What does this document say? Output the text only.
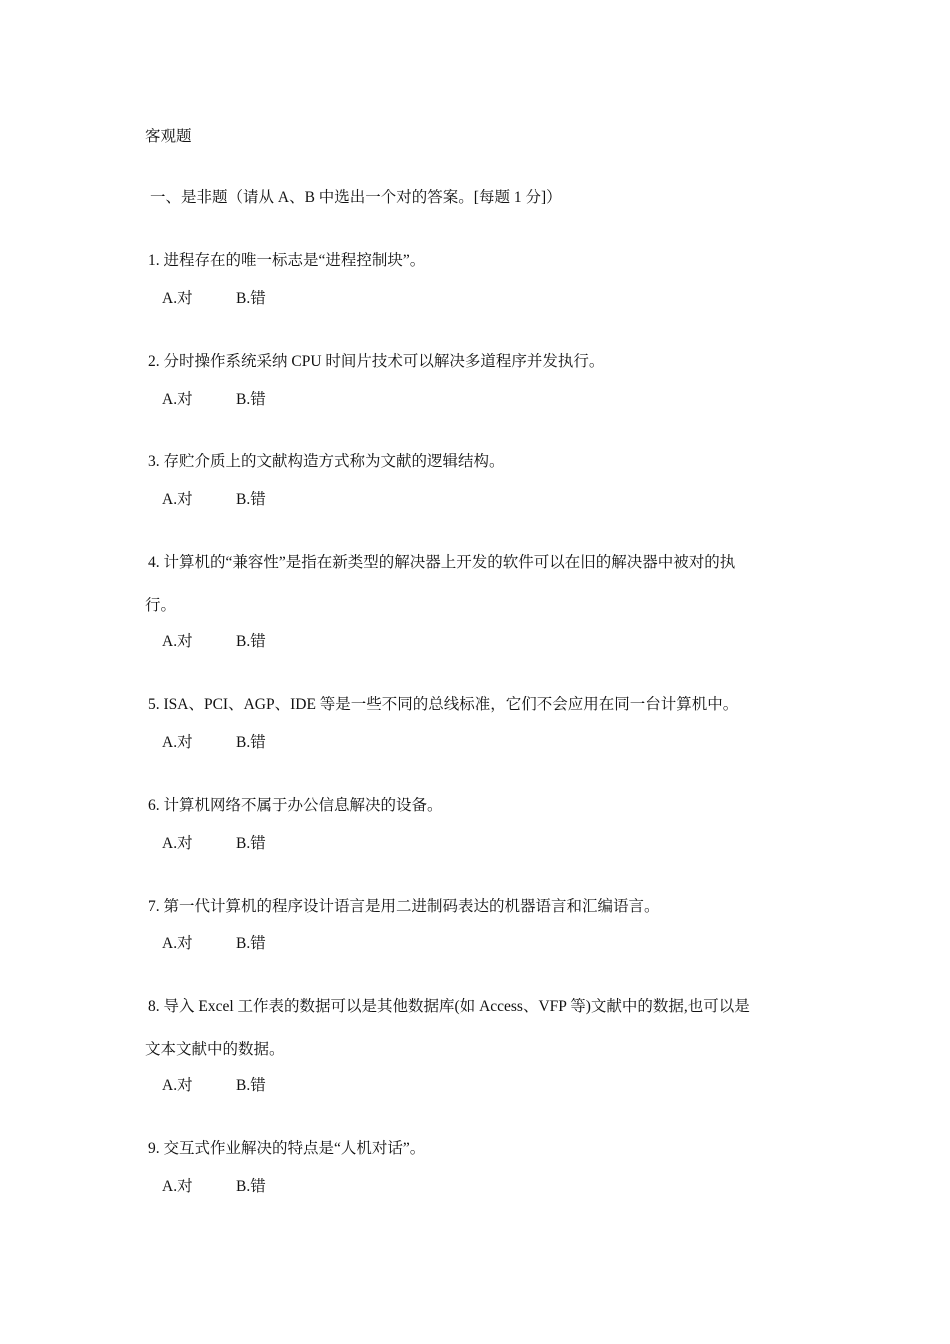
客观题
一、是非题（请从 A、B 中选出一个对的答案。[每题 1 分]）
1. 进程存在的唯一标志是“进程控制块”。
A.对	B.错
2. 分时操作系统采纳 CPU 时间片技术可以解决多道程序并发执行。
A.对	B.错
3. 存贮介质上的文献构造方式称为文献的逻辑结构。
A.对	B.错
4. 计算机的“兼容性”是指在新类型的解决器上开发的软件可以在旧的解决器中被对的执
行。
A.对	B.错
5. ISA、PCI、AGP、IDE 等是一些不同的总线标准，它们不会应用在同一台计算机中。
A.对	B.错
6. 计算机网络不属于办公信息解决的设备。
A.对	B.错
7. 第一代计算机的程序设计语言是用二进制码表达的机器语言和汇编语言。
A.对	B.错
8. 导入 Excel 工作表的数据可以是其他数据库(如 Access、VFP 等)文献中的数据,也可以是
文本文献中的数据。
A.对	B.错
9. 交互式作业解决的特点是“人机对话”。
A.对	B.错
